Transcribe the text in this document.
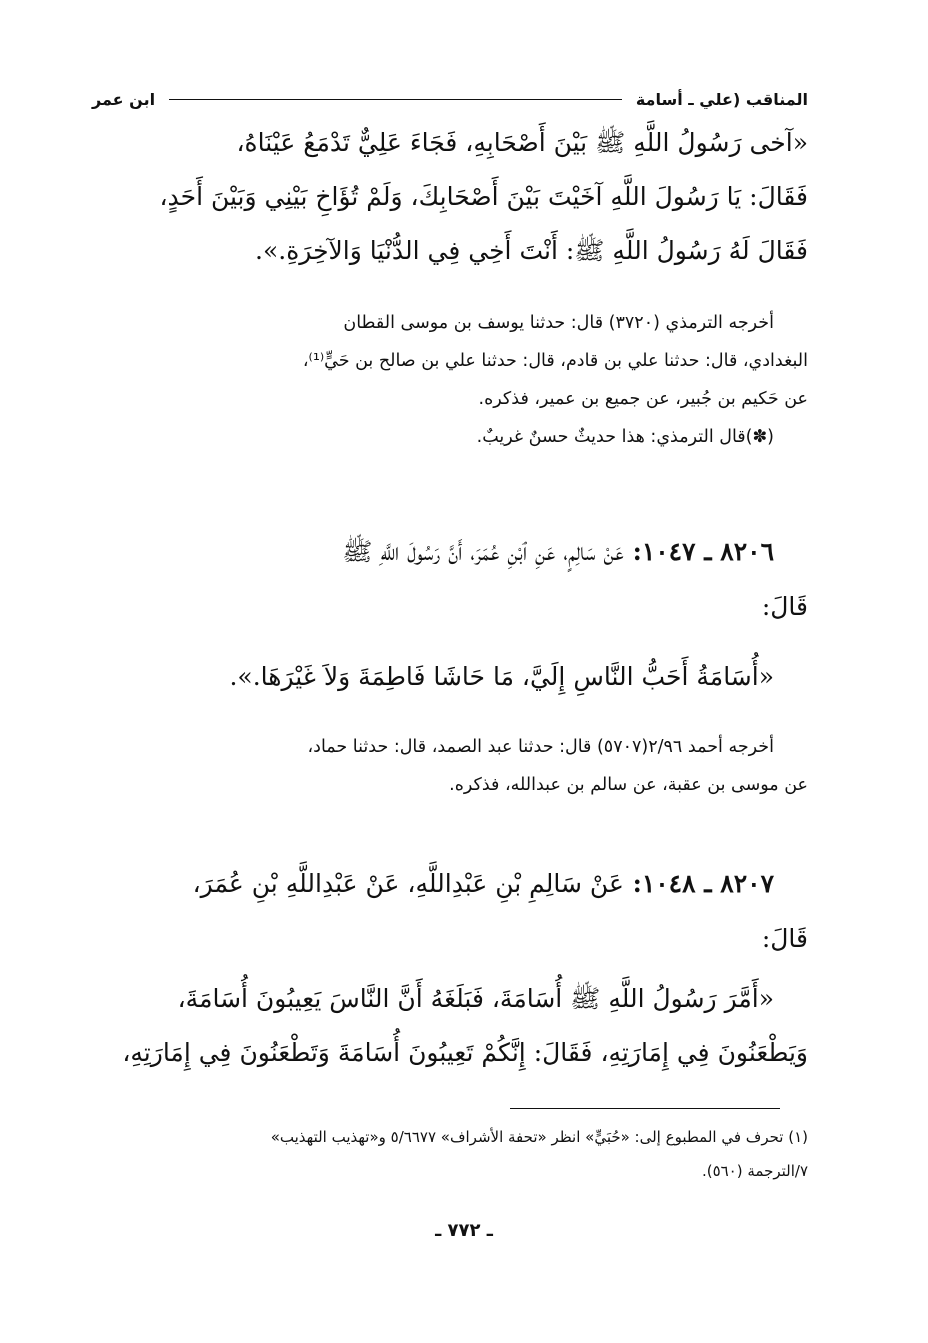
المناقب (علي ـ أسامة
ابن عمر
«آخى رَسُولُ اللَّهِ ﷺ بَيْنَ أَصْحَابِهِ، فَجَاءَ عَلِيٌّ تَدْمَعُ عَيْنَاهُ،
فَقَالَ: يَا رَسُولَ اللَّهِ آخَيْتَ بَيْنَ أَصْحَابِكَ، وَلَمْ تُؤَاخِ بَيْنِي وَبَيْنَ أَحَدٍ،
فَقَالَ لَهُ رَسُولُ اللَّهِ ﷺ: أَنْتَ أَخِي فِي الدُّنْيَا وَالآخِرَةِ.».
أخرجه الترمذي (٣٧٢٠) قال: حدثنا يوسف بن موسى القطان
البغدادي، قال: حدثنا علي بن قادم، قال: حدثنا علي بن صالح بن حَيٍّ⁽¹⁾،
عن حَكيم بن جُبير، عن جميع بن عمير، فذكره.
(✽)قال الترمذي: هذا حديثٌ حسنٌ غريبٌ.
٨٢٠٦ ـ ١٠٤٧: عَنْ سَالِمٍ، عَنِ ٱبْنِ عُمَرَ، أَنَّ رَسُولَ اللَّهِ ﷺ
قَالَ:
«أُسَامَةُ أَحَبُّ النَّاسِ إِلَيَّ، مَا حَاشَا فَاطِمَةَ وَلاَ غَيْرَهَا.».
أخرجه أحمد ٢/٩٦(٥٧٠٧) قال: حدثنا عبد الصمد، قال: حدثنا حماد،
عن موسى بن عقبة، عن سالم بن عبدالله، فذكره.
٨٢٠٧ ـ ١٠٤٨: عَنْ سَالِمِ بْنِ عَبْدِاللَّهِ، عَنْ عَبْدِاللَّهِ بْنِ عُمَرَ،
قَالَ:
«أَمَّرَ رَسُولُ اللَّهِ ﷺ أُسَامَةَ، فَبَلَغَهُ أَنَّ النَّاسَ يَعِيبُونَ أُسَامَةَ،
وَيَطْعَنُونَ فِي إِمَارَتِهِ، فَقَالَ: إِنَّكُمْ تَعِيبُونَ أُسَامَةَ وَتَطْعَنُونَ فِي إِمَارَتِهِ،
(١) تحرف في المطبوع إلى: «حُبَيٍّ» انظر «تحفة الأشراف» ٥/٦٦٧٧ و«تهذيب التهذيب»
٧/الترجمة (٥٦٠).
ـ ٧٧٢ ـ
